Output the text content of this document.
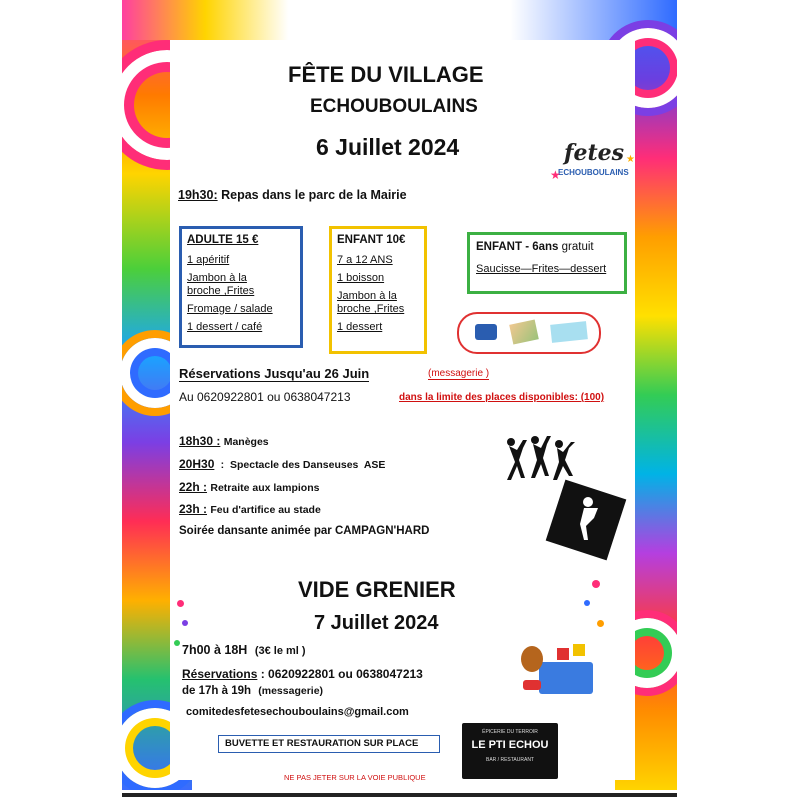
FÊTE DU VILLAGE
ECHOUBOULAINS
6 Juillet 2024	fetes
ECHOUBOULAINS
★
★
19h30: Repas dans le parc de la Mairie
ADULTE 15 €
1 apéritif
Jambon à la broche ,Frites
Fromage / salade
1 dessert / café
ENFANT 10€
7 a 12 ANS
1 boisson
Jambon à la broche ,Frites
1 dessert
ENFANT - 6ans gratuit
Saucisse—Frites—dessert
Réservations Jusqu'au 26 Juin	(messagerie )
Au 0620922801 ou 0638047213	dans la limite des places disponibles: (100)
18h30 : Manèges
20H30  :  Spectacle des Danseuses  ASE
22h : Retraite aux lampions
23h : Feu d'artifice au stade
Soirée dansante animée par CAMPAGN'HARD
VIDE GRENIER
7 Juillet 2024
7h00 à 18H (3€ le ml )
Réservations : 0620922801 ou 0638047213
de 17h à 19h (messagerie)
comitedesfetesechouboulains@gmail.com
BUVETTE ET RESTAURATION SUR PLACE
ÉPICERIE DU TERROIR
LE PTI ECHOU
BAR / RESTAURANT
NE PAS JETER SUR LA VOIE PUBLIQUE
